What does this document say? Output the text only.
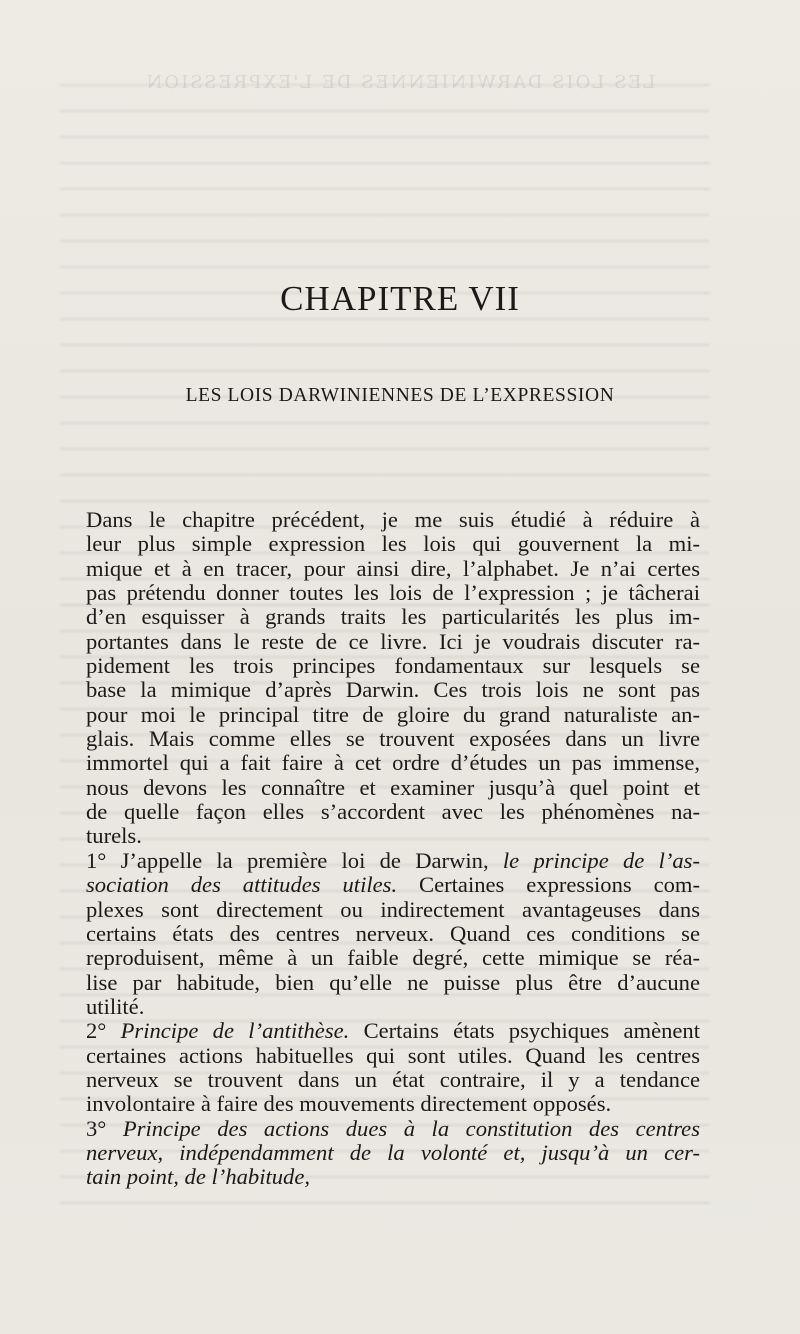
LES LOIS DARWINIENNES DE L'EXPRESSION
CHAPITRE VII
LES LOIS DARWINIENNES DE L’EXPRESSION

Dans le chapitre précédent, je me suis étudié à réduire à
leur plus simple expression les lois qui gouvernent la mi-
mique et à en tracer, pour ainsi dire, l’alphabet. Je n’ai certes
pas prétendu donner toutes les lois de l’expression ; je tâcherai
d’en esquisser à grands traits les particularités les plus im-
portantes dans le reste de ce livre. Ici je voudrais discuter ra-
pidement les trois principes fondamentaux sur lesquels se
base la mimique d’après Darwin. Ces trois lois ne sont pas
pour moi le principal titre de gloire du grand naturaliste an-
glais. Mais comme elles se trouvent exposées dans un livre
immortel qui a fait faire à cet ordre d’études un pas immense,
nous devons les connaître et examiner jusqu’à quel point et
de quelle façon elles s’accordent avec les phénomènes na-
turels.

1° J’appelle la première loi de Darwin, le principe de l’as-
sociation des attitudes utiles. Certaines expressions com-
plexes sont directement ou indirectement avantageuses dans
certains états des centres nerveux. Quand ces conditions se
reproduisent, même à un faible degré, cette mimique se réa-
lise par habitude, bien qu’elle ne puisse plus être d’aucune
utilité.

2° Principe de l’antithèse. Certains états psychiques amènent
certaines actions habituelles qui sont utiles. Quand les centres
nerveux se trouvent dans un état contraire, il y a tendance
involontaire à faire des mouvements directement opposés.

3° Principe des actions dues à la constitution des centres
nerveux, indépendamment de la volonté et, jusqu’à un cer-
tain point, de l’habitude,
